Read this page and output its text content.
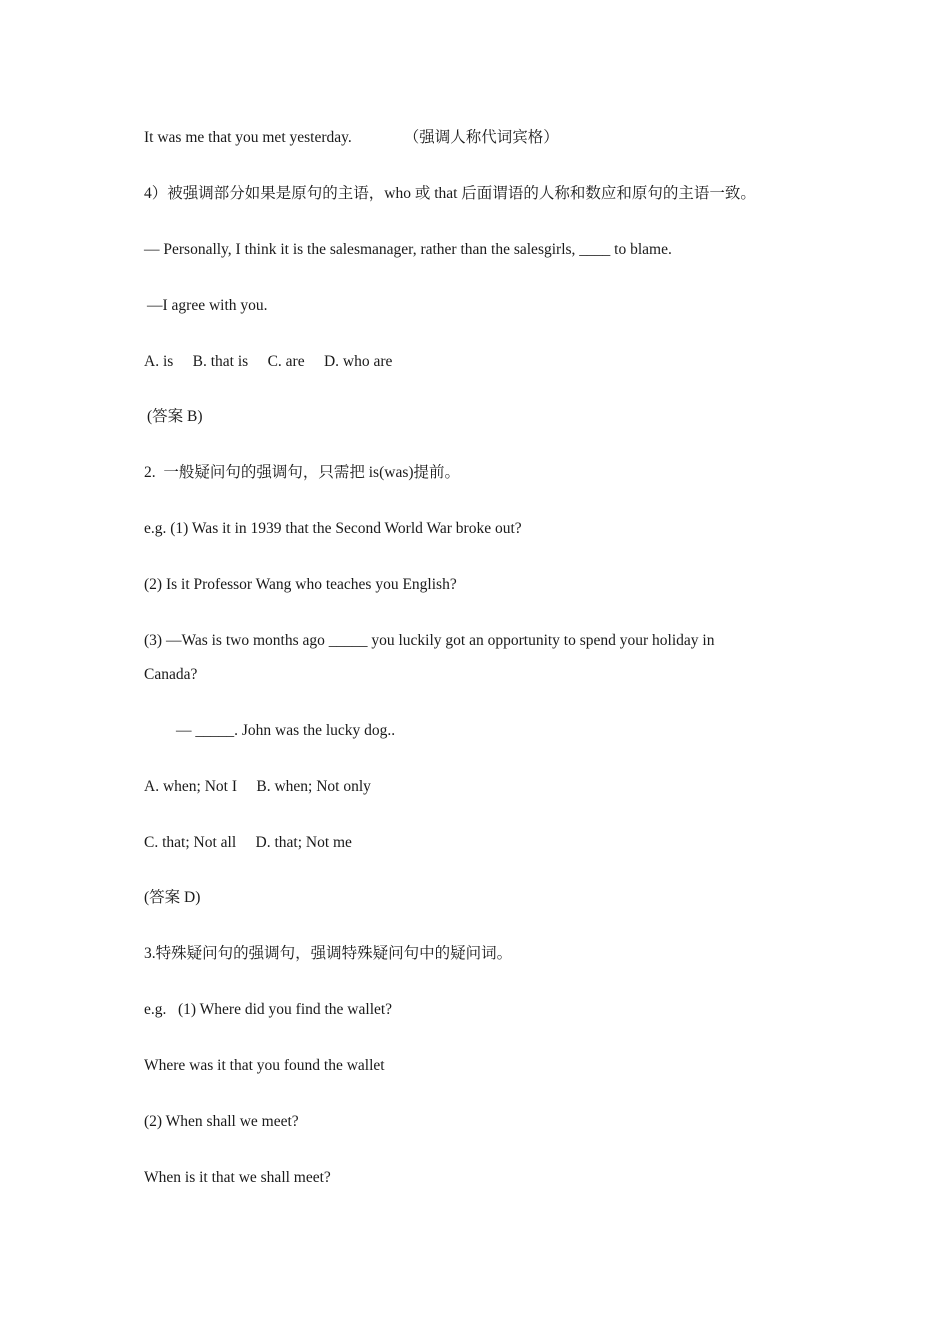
It was me that you met yesterday.	（强调人称代词宾格）
4）被强调部分如果是原句的主语，who 或 that 后面谓语的人称和数应和原句的主语一致。
— Personally, I think it is the salesmanager, rather than the salesgirls, ____ to blame.
—I agree with you.
A. is     B. that is     C. are     D. who are
(答案 B)
2.  一般疑问句的强调句，只需把 is(was)提前。
e.g. (1) Was it in 1939 that the Second World War broke out?
(2) Is it Professor Wang who teaches you English?
(3) —Was is two months ago _____ you luckily got an opportunity to spend your holiday in
Canada?
— _____. John was the lucky dog..
A. when; Not I     B. when; Not only
C. that; Not all     D. that; Not me
(答案 D)
3.特殊疑问句的强调句，强调特殊疑问句中的疑问词。
e.g.   (1) Where did you find the wallet?
Where was it that you found the wallet
(2) When shall we meet?
When is it that we shall meet?
